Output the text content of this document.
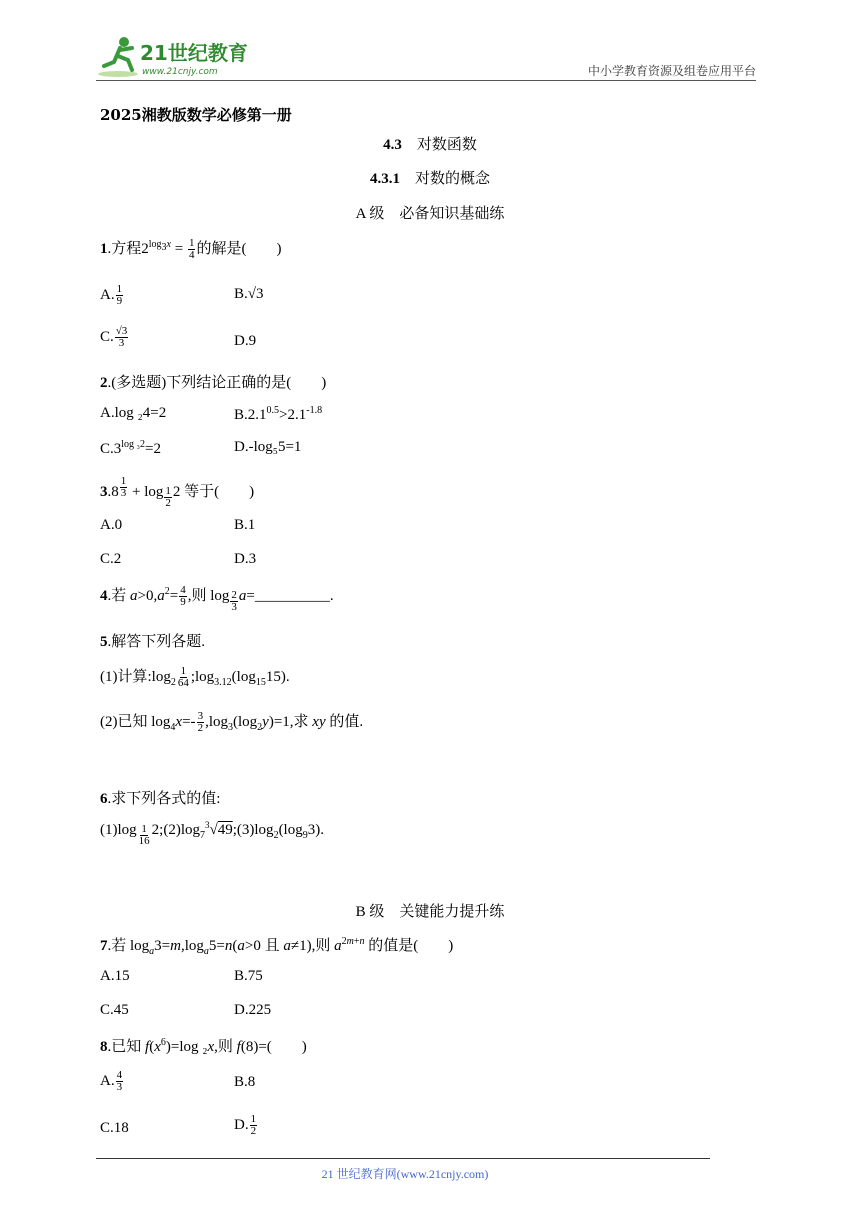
21世纪教育
www.21cnjy.com	中小学教育资源及组卷应用平台
2025湘教版数学必修第一册
4.3　 对数函数
4.3.1　 对数的概念
A 级　必备知识基础练
1.方程$2^{log_3x} = \frac{1}{4}$ 的解是(　　)
A. $\frac{1}{9}$	B.√3
C. $\frac{√3}{3}$	D.9
2.(多选题)下列结论正确的是(　　)
A.log ₂4=2	$B.2.1^{0.5}>2.1^{-1.8}$
$C.3^{log _32}=2$	D.-log₅5=1
3.8 $^{\frac{1}{3}}$ + log $_{\frac{1}{2}}$ 2 等于(　　)
A.0	B.1
C.2	D.3
4.若 $a>0,a^2= \frac{4}{9}$ ,则 log $_{\frac{2}{3}}$ a=__________.
5.解答下列各题.
(1)计算$:\log_2 \frac{1}{64}$ $;\log_{3.12}(\log_{15}15)$.
(2)已知 $\log_4x=- \frac{3}{2} ,\log_3(\log_2y)=1$,求 xy 的值.
6.求下列各式的值:
(1)log $_{\frac{1}{16}}$ $2;(2)\log_7^3√49;(3)\log_2(\log_93)$.
B 级　关键能力提升练
7.若 $\log_a3=m,\log_a5=n(a>0$ 且 a≠1),则 $a^{2m+n}$ 的值是(　　)
A.15	B.75
C.45	D.225
8.已知 $f(x^6)=\log$ ₂x,则 f(8)=(　　)
A. $\frac{4}{3}$	B.8
C.18	D. $\frac{1}{2}$
21 世纪教育网(www.21cnjy.com)
